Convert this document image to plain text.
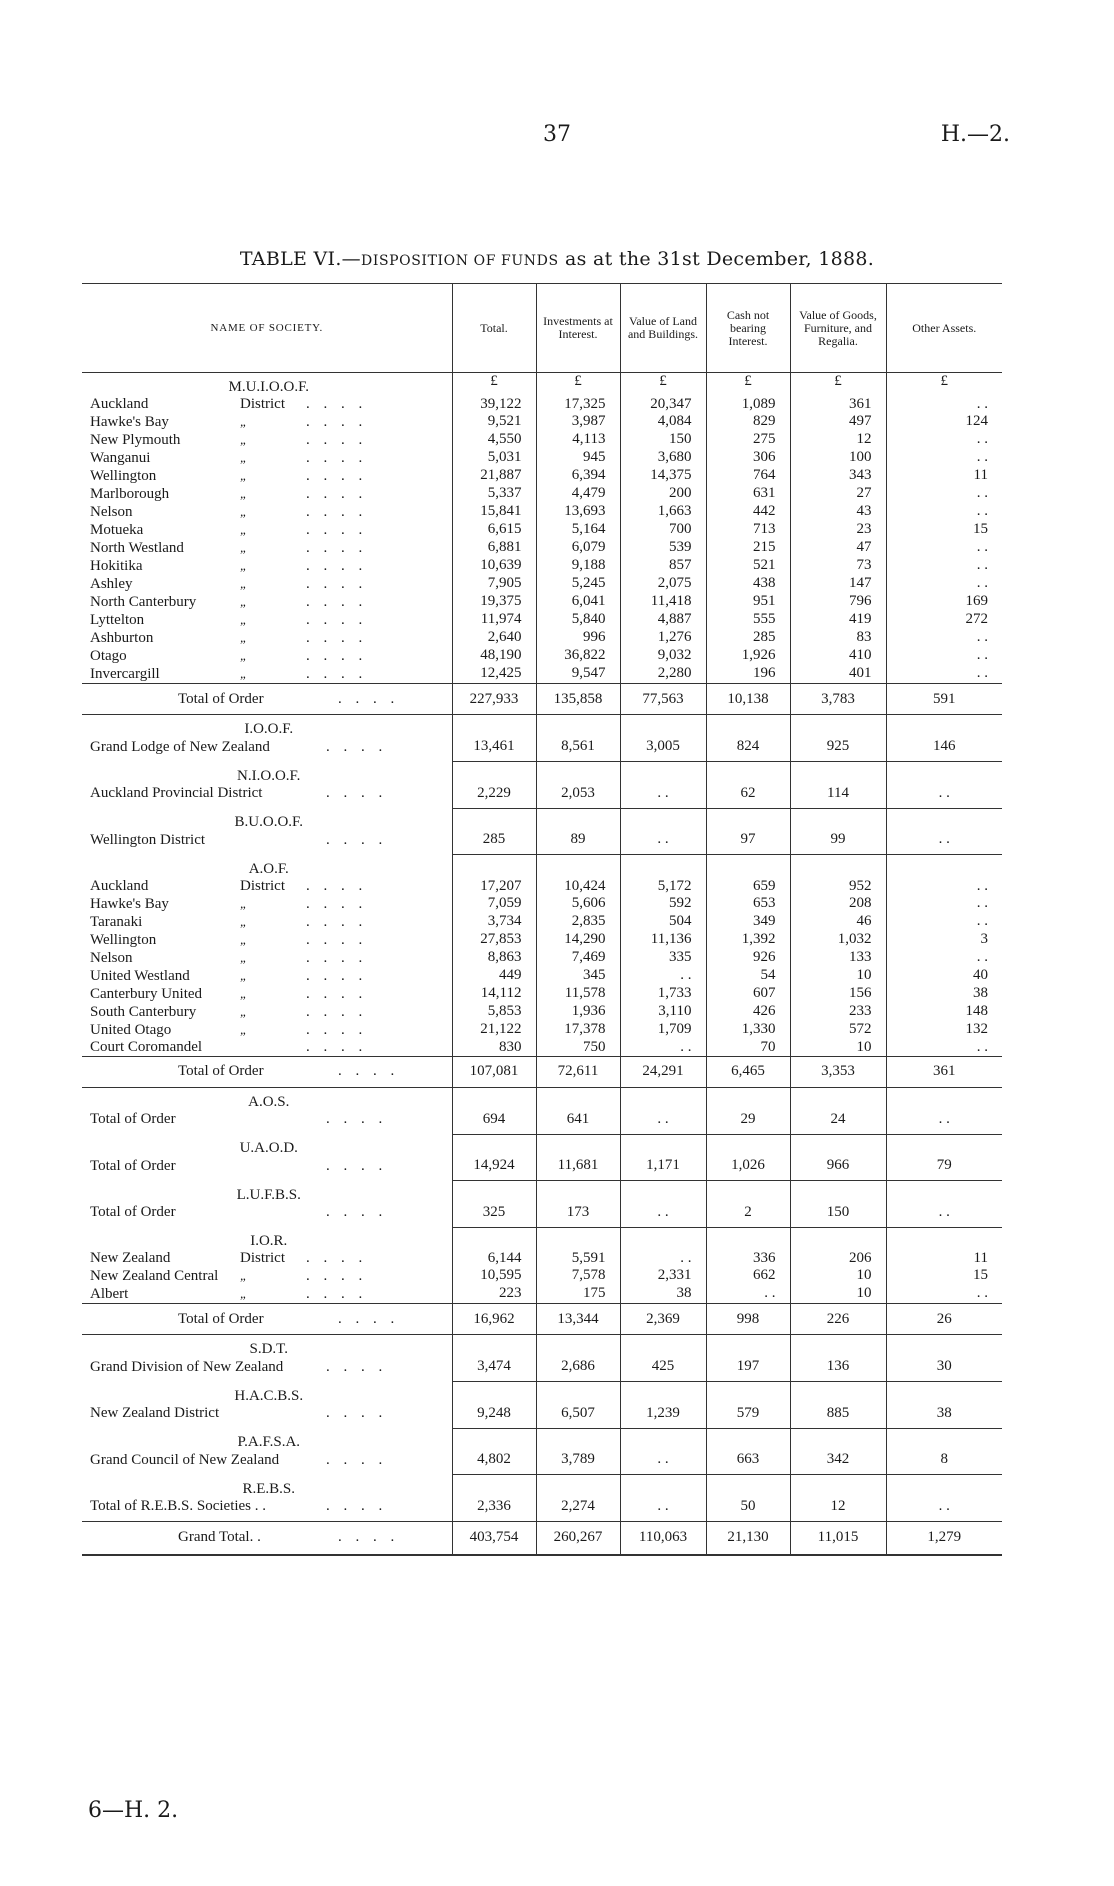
37	H.—2.
TABLE VI.—DISPOSITION OF FUNDS as at the 31st December, 1888.
NAME OF SOCIETY.	Total.	Investments at Interest.	Value of Land and Buildings.	Cash not bearing Interest.	Value of Goods, Furniture, and Regalia.	Other Assets.
M.U.I.O.O.F.	£	£	£	£	£	£

Auckland District . . . .	39,122	17,325	20,347	1,089	361	. .

Hawke's Bay „ . . . .	9,521	3,987	4,084	829	497	124

New Plymouth „ . . . .	4,550	4,113	150	275	12	. .

Wanganui „ . . . .	5,031	945	3,680	306	100	. .

Wellington „ . . . .	21,887	6,394	14,375	764	343	11

Marlborough „ . . . .	5,337	4,479	200	631	27	. .

Nelson „ . . . .	15,841	13,693	1,663	442	43	. .

Motueka „ . . . .	6,615	5,164	700	713	23	15

North Westland „ . . . .	6,881	6,079	539	215	47	. .

Hokitika „ . . . .	10,639	9,188	857	521	73	. .

Ashley „ . . . .	7,905	5,245	2,075	438	147	. .

North Canterbury „ . . . .	19,375	6,041	11,418	951	796	169

Lyttelton „ . . . .	11,974	5,840	4,887	555	419	272

Ashburton „ . . . .	2,640	996	1,276	285	83	. .

Otago „ . . . .	48,190	36,822	9,032	1,926	410	. .

Invercargill „ . . . .	12,425	9,547	2,280	196	401	. .

Total of Order . . . .	227,933	135,858	77,563	10,138	3,783	591
I.O.O.F.						

Grand Lodge of New Zealand . . . .	13,461	8,561	3,005	824	925	146
N.I.O.O.F.						

Auckland Provincial District . . . .	2,229	2,053	. .	62	114	. .
B.U.O.O.F.						

Wellington District . . . .	285	89	. .	97	99	. .
A.O.F.						

Auckland District . . . .	17,207	10,424	5,172	659	952	. .

Hawke's Bay „ . . . .	7,059	5,606	592	653	208	. .

Taranaki „ . . . .	3,734	2,835	504	349	46	. .

Wellington „ . . . .	27,853	14,290	11,136	1,392	1,032	3

Nelson „ . . . .	8,863	7,469	335	926	133	. .

United Westland „ . . . .	449	345	. .	54	10	40

Canterbury United „ . . . .	14,112	11,578	1,733	607	156	38

South Canterbury „ . . . .	5,853	1,936	3,110	426	233	148

United Otago „ . . . .	21,122	17,378	1,709	1,330	572	132

Court Coromandel . . . .	830	750	. .	70	10	. .

Total of Order . . . .	107,081	72,611	24,291	6,465	3,353	361
A.O.S.						

Total of Order . . . .	694	641	. .	29	24	. .
U.A.O.D.						

Total of Order . . . .	14,924	11,681	1,171	1,026	966	79
L.U.F.B.S.						

Total of Order . . . .	325	173	. .	2	150	. .
I.O.R.						

New Zealand District . . . .	6,144	5,591	. .	336	206	11

New Zealand Central „ . . . .	10,595	7,578	2,331	662	10	15

Albert „ . . . .	223	175	38	. .	10	. .

Total of Order . . . .	16,962	13,344	2,369	998	226	26
S.D.T.						

Grand Division of New Zealand . . . .	3,474	2,686	425	197	136	30
H.A.C.B.S.						

New Zealand District . . . .	9,248	6,507	1,239	579	885	38
P.A.F.S.A.						

Grand Council of New Zealand . . . .	4,802	3,789	. .	663	342	8
R.E.B.S.						

Total of R.E.B.S. Societies . . . . . .	2,336	2,274	. .	50	12	. .

Grand Total. . . . . .	403,754	260,267	110,063	21,130	11,015	1,279
6—H. 2.
